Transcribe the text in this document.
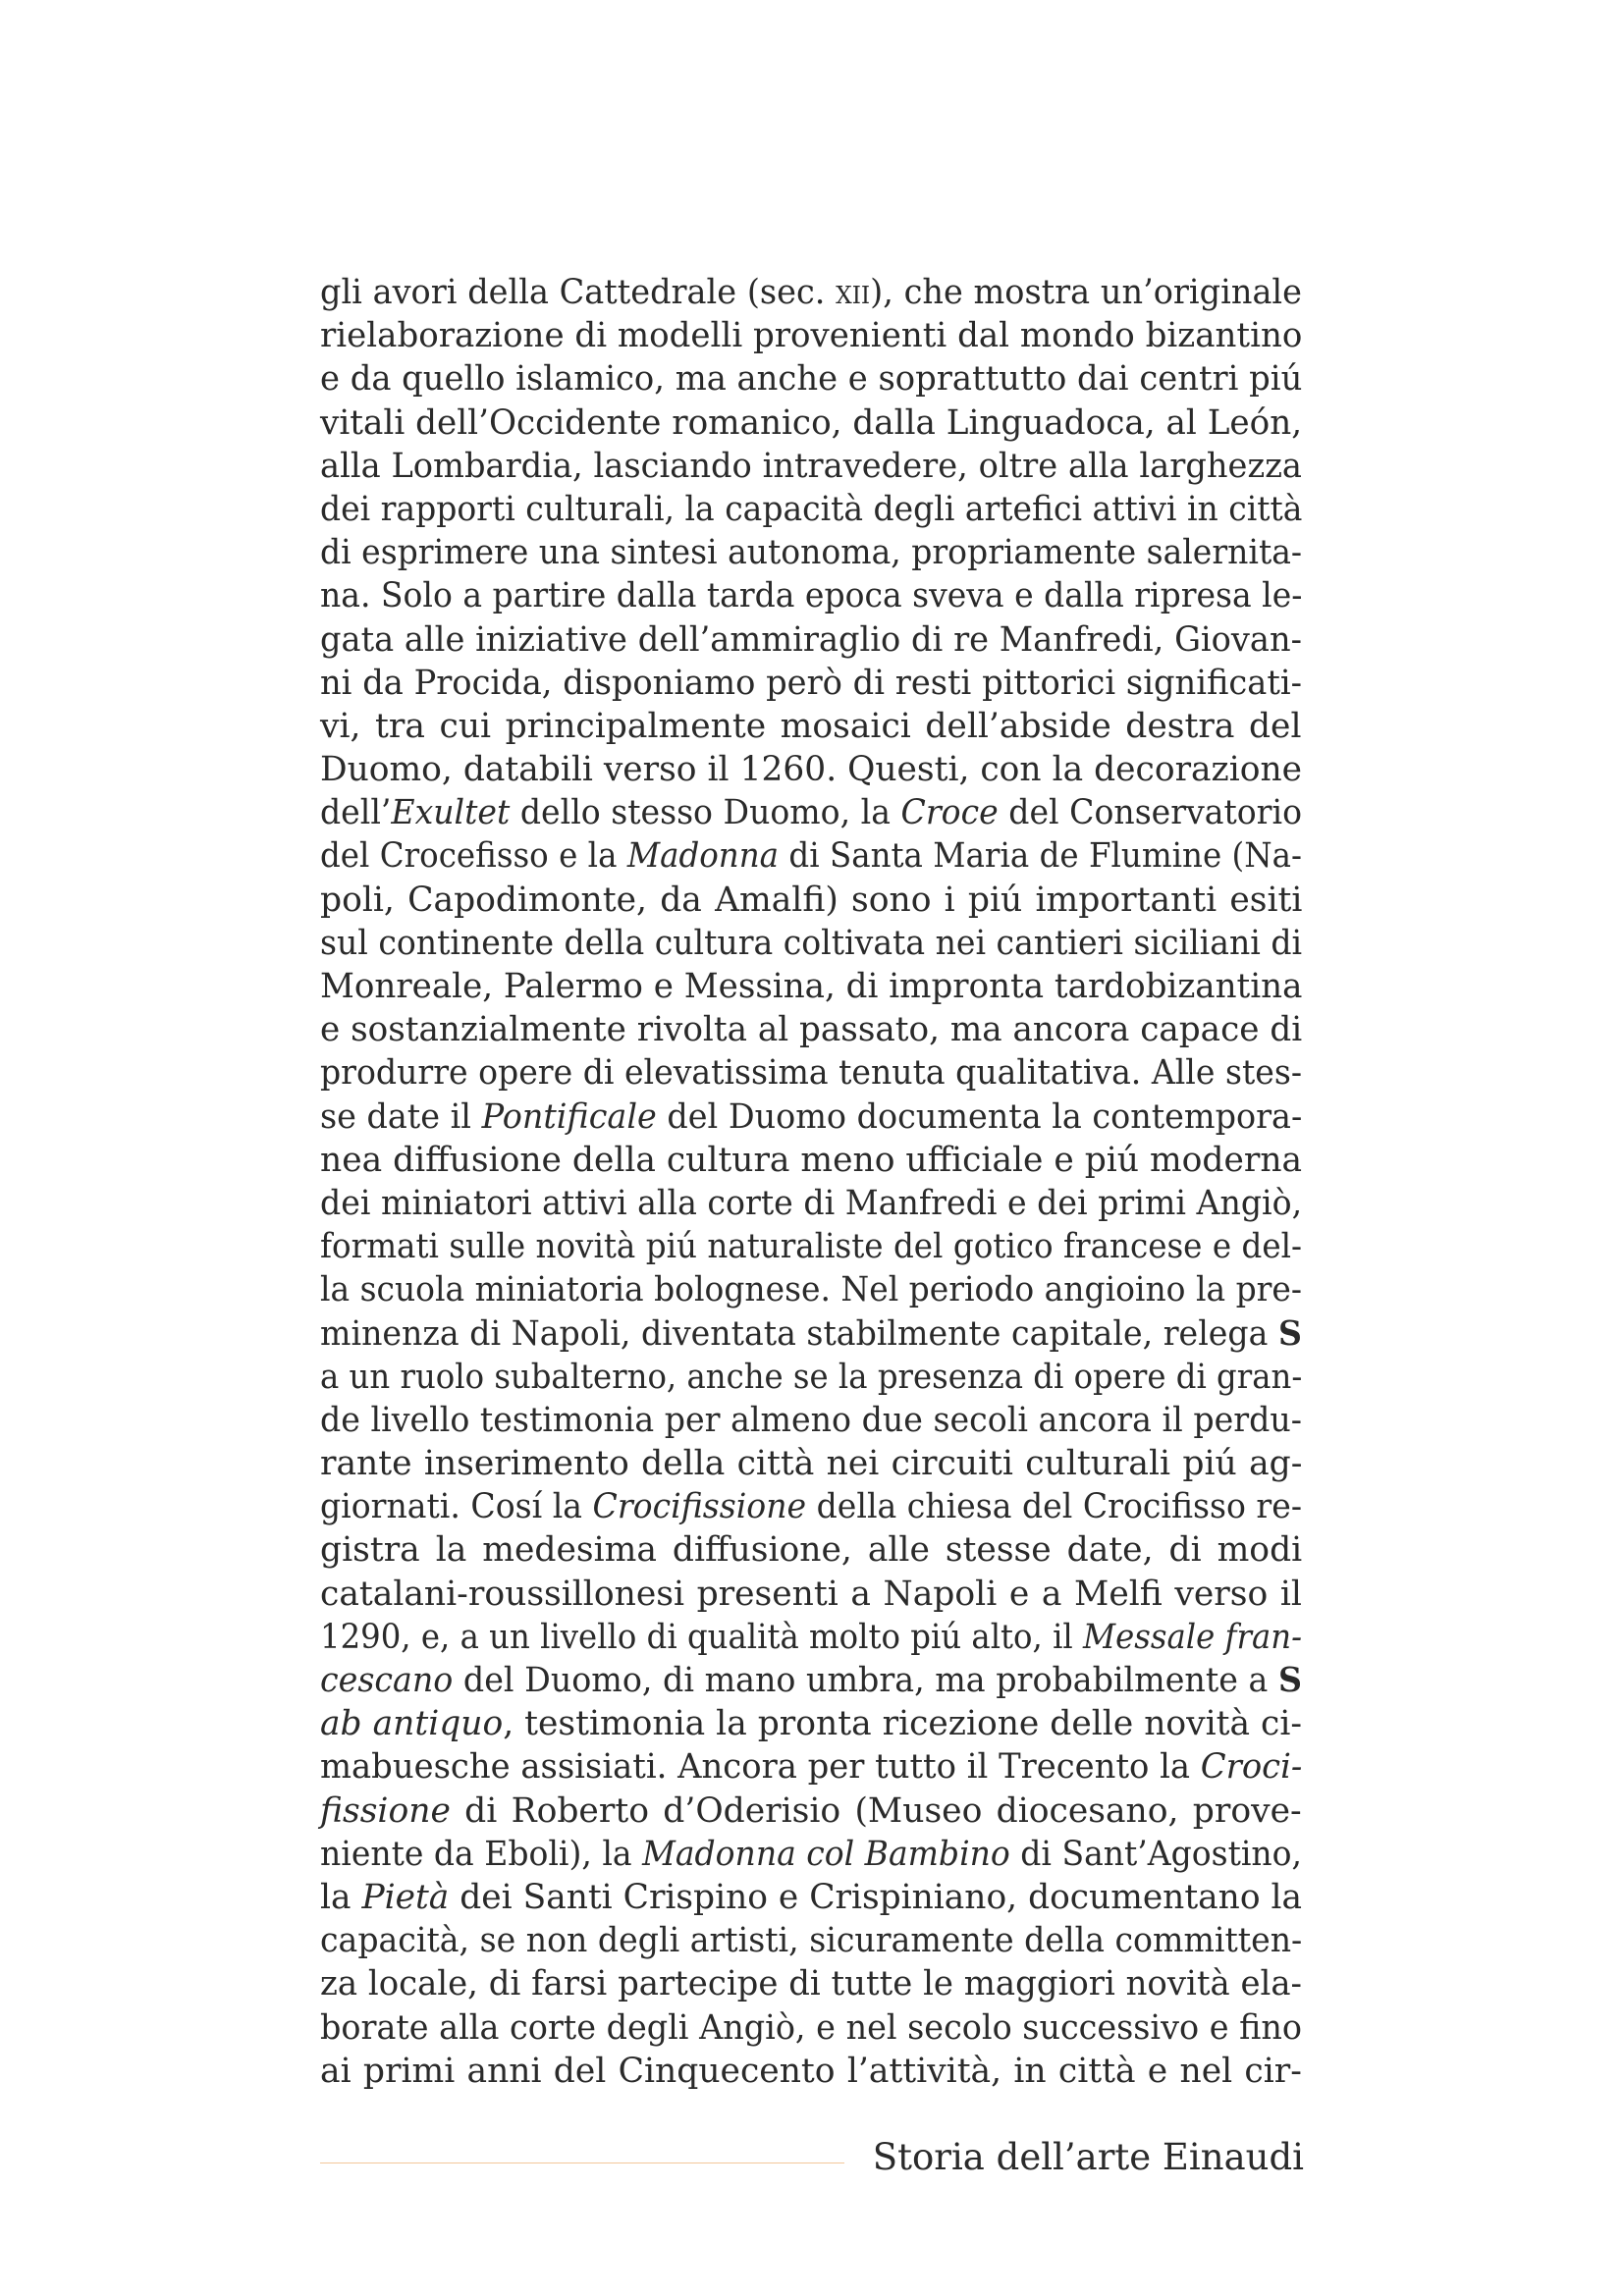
gli avori della Cattedrale (sec. xii), che mostra un’originale
rielaborazione di modelli provenienti dal mondo bizantino
e da quello islamico, ma anche e soprattutto dai centri piú
vitali dell’Occidente romanico, dalla Linguadoca, al León,
alla Lombardia, lasciando intravedere, oltre alla larghezza
dei rapporti culturali, la capacità degli artefici attivi in città
di esprimere una sintesi autonoma, propriamente salernita-
na. Solo a partire dalla tarda epoca sveva e dalla ripresa le-
gata alle iniziative dell’ammiraglio di re Manfredi, Giovan-
ni da Procida, disponiamo però di resti pittorici significati-
vi, tra cui principalmente mosaici dell’abside destra del
Duomo, databili verso il 1260. Questi, con la decorazione
dell’Exultet dello stesso Duomo, la Croce del Conservatorio
del Crocefisso e la Madonna di Santa Maria de Flumine (Na-
poli, Capodimonte, da Amalfi) sono i piú importanti esiti
sul continente della cultura coltivata nei cantieri siciliani di
Monreale, Palermo e Messina, di impronta tardobizantina
e sostanzialmente rivolta al passato, ma ancora capace di
produrre opere di elevatissima tenuta qualitativa. Alle stes-
se date il Pontificale del Duomo documenta la contempora-
nea diffusione della cultura meno ufficiale e piú moderna
dei miniatori attivi alla corte di Manfredi e dei primi Angiò,
formati sulle novità piú naturaliste del gotico francese e del-
la scuola miniatoria bolognese. Nel periodo angioino la pre-
minenza di Napoli, diventata stabilmente capitale, relega S
a un ruolo subalterno, anche se la presenza di opere di gran-
de livello testimonia per almeno due secoli ancora il perdu-
rante inserimento della città nei circuiti culturali piú ag-
giornati. Cosí la Crocifissione della chiesa del Crocifisso re-
gistra la medesima diffusione, alle stesse date, di modi
catalani-roussillonesi presenti a Napoli e a Melfi verso il
1290, e, a un livello di qualità molto piú alto, il Messale fran-
cescano del Duomo, di mano umbra, ma probabilmente a S
ab antiquo, testimonia la pronta ricezione delle novità ci-
mabuesche assisiati. Ancora per tutto il Trecento la Croci-
fissione di Roberto d’Oderisio (Museo diocesano, prove-
niente da Eboli), la Madonna col Bambino di Sant’Agostino,
la Pietà dei Santi Crispino e Crispiniano, documentano la
capacità, se non degli artisti, sicuramente della committen-
za locale, di farsi partecipe di tutte le maggiori novità ela-
borate alla corte degli Angiò, e nel secolo successivo e fino
ai primi anni del Cinquecento l’attività, in città e nel cir-
Storia dell’arte Einaudi
